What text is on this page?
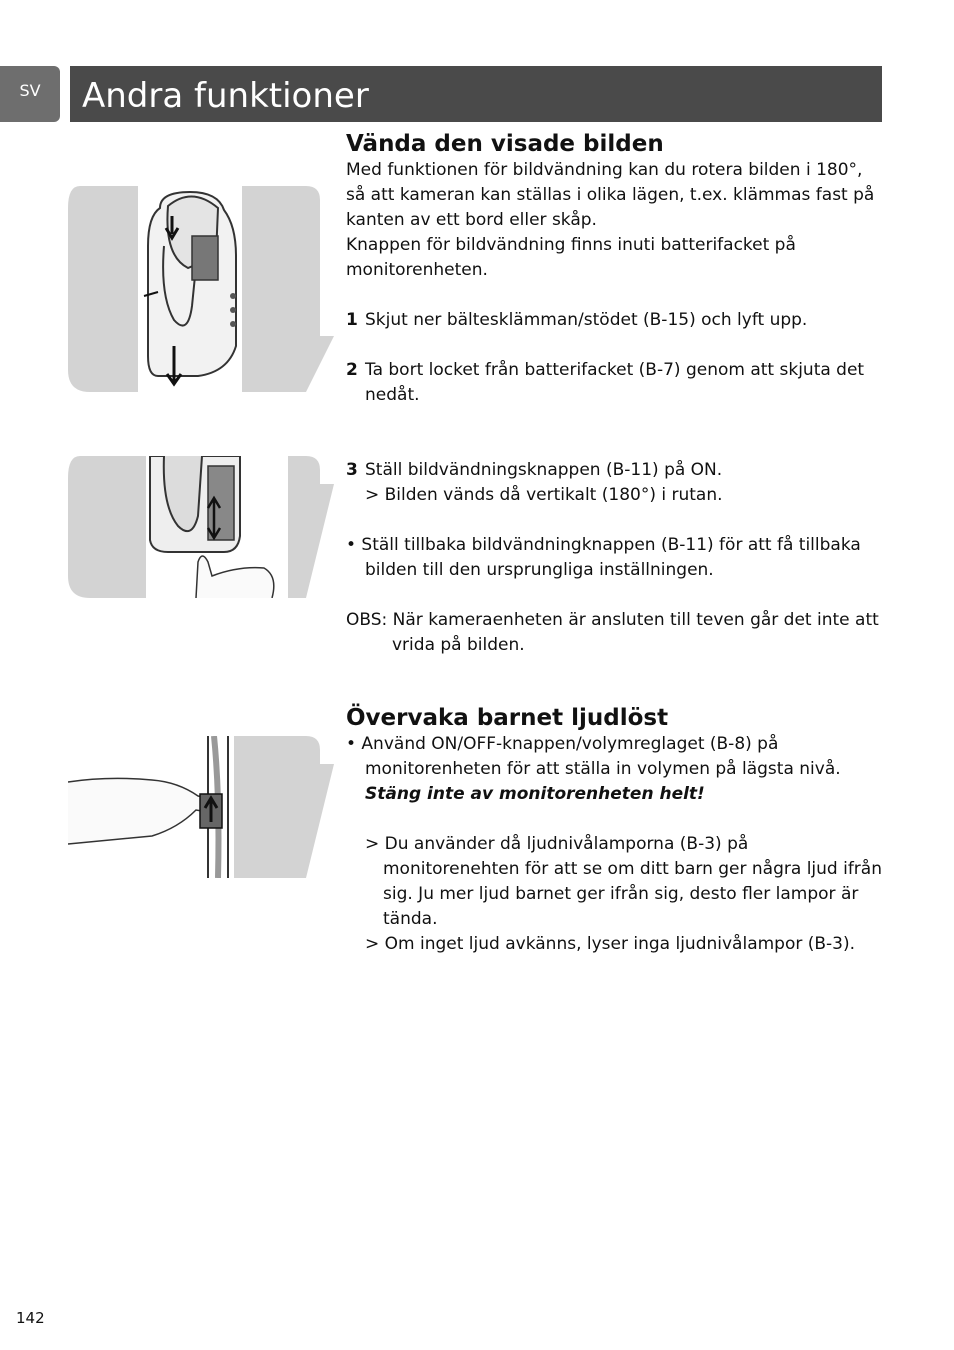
SV	Andra funktioner

Vända den visade bilden

Med funktionen för bildvändning kan du rotera bilden i 180°, så att kameran kan ställas i olika lägen, t.ex. klämmas fast på kanten av ett bord eller skåp.

Knappen för bildvändning finns inuti batterifacket på monitorenheten.

1 Skjut ner bältesklämman/stödet (B-15) och lyft upp.

2 Ta bort locket från batterifacket (B-7) genom att skjuta det nedåt.

3 Ställ bildvändningsknappen (B-11) på ON.

> Bilden vänds då vertikalt (180°) i rutan.

• Ställ tillbaka bildvändningknappen (B-11) för att få tillbaka bilden till den ursprungliga inställningen.

OBS: När kameraenheten är ansluten till teven går det inte att vrida på bilden.

Övervaka barnet ljudlöst

• Använd ON/OFF-knappen/volymreglaget (B-8) på monitorenheten för att ställa in volymen på lägsta nivå.

Stäng inte av monitorenheten helt!

> Du använder då ljudnivålamporna (B-3) på monitorenehten för att se om ditt barn ger några ljud ifrån sig. Ju mer ljud barnet ger ifrån sig, desto fler lampor är tända.

> Om inget ljud avkänns, lyser inga ljudnivålampor (B-3).

142
